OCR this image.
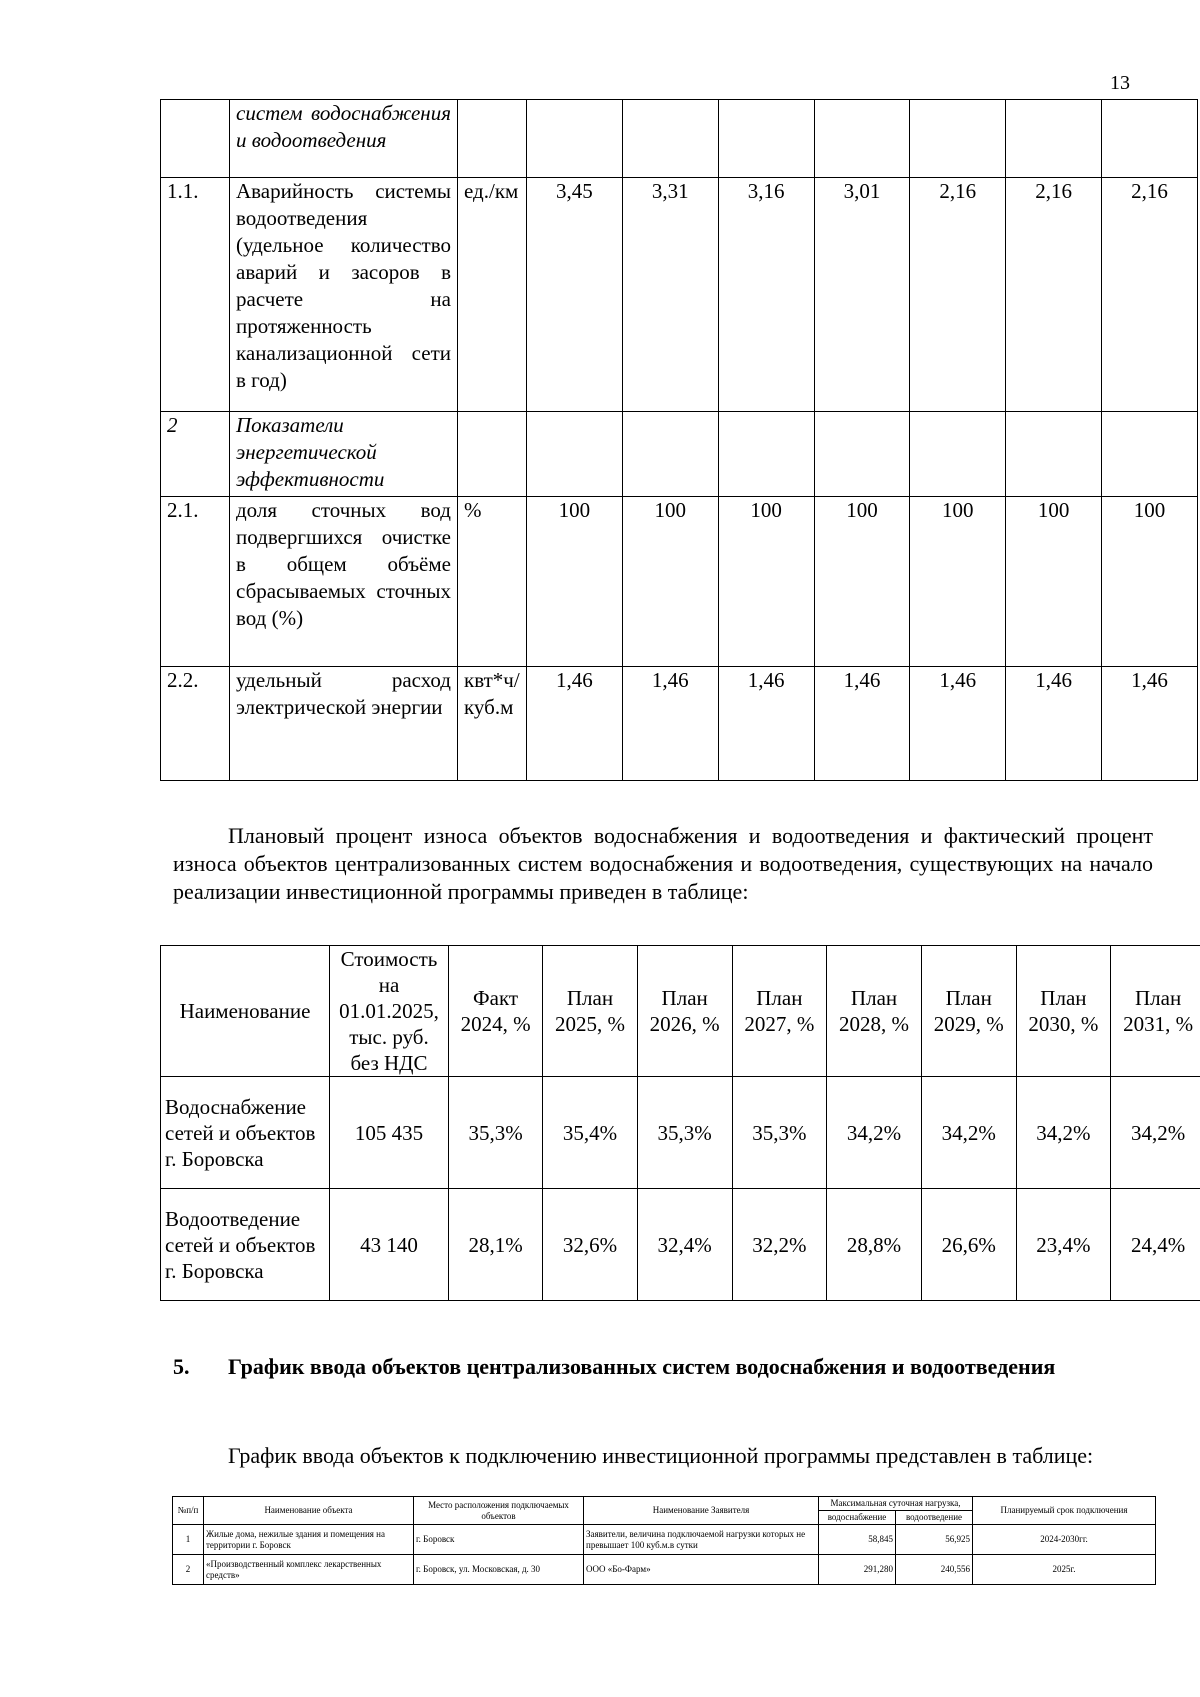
13
	систем водоснабжения и водоотведения								
1.1.	Аварийность системы водоотведения (удельное количество аварий и засоров в расчете на протяженность канализационной сети в год)	ед./км	3,45	3,31	3,16	3,01	2,16	2,16	2,16
2	Показатели энергетической эффективности								
2.1.	доля сточных вод подвергшихся очистке в общем объёме сбрасываемых сточных вод (%)	%	100	100	100	100	100	100	100
2.2.	удельный расход электрической энергии	квт*ч/куб.м	1,46	1,46	1,46	1,46	1,46	1,46	1,46

Плановый процент износа объектов водоснабжения и водоотведения и фактический процент износа объектов централизованных систем водоснабжения и водоотведения, существующих на начало реализации инвестиционной программы приведен в таблице:

Наименование	Стоимость на 01.01.2025, тыс. руб. без НДС	Факт 2024, %	План 2025, %	План 2026, %	План 2027, %	План 2028, %	План 2029, %	План 2030, %	План 2031, %
Водоснабжение сетей и объектов г. Боровска	105 435	35,3%	35,4%	35,3%	35,3%	34,2%	34,2%	34,2%	34,2%
Водоотведение сетей и объектов г. Боровска	43 140	28,1%	32,6%	32,4%	32,2%	28,8%	26,6%	23,4%	24,4%
5. График ввода объектов централизованных систем водоснабжения и водоотведения

График ввода объектов к подключению инвестиционной программы представлен в таблице:

№п/п	Наименование объекта	Место расположения подключаемых объектов	Наименование Заявителя	Максимальная суточная нагрузка,		Планируемый срок подключения
				водоснабжение	водоотведение	
1	Жилые дома, нежилые здания и помещения на территории г. Боровск	г. Боровск	Заявители, величина подключаемой нагрузки которых не превышает 100 куб.м.в сутки	58,845	56,925	2024-2030гг.
2	«Производственный комплекс лекарственных средств»	г. Боровск, ул. Московская, д. 30	ООО «Бо-Фарм»	291,280	240,556	2025г.
